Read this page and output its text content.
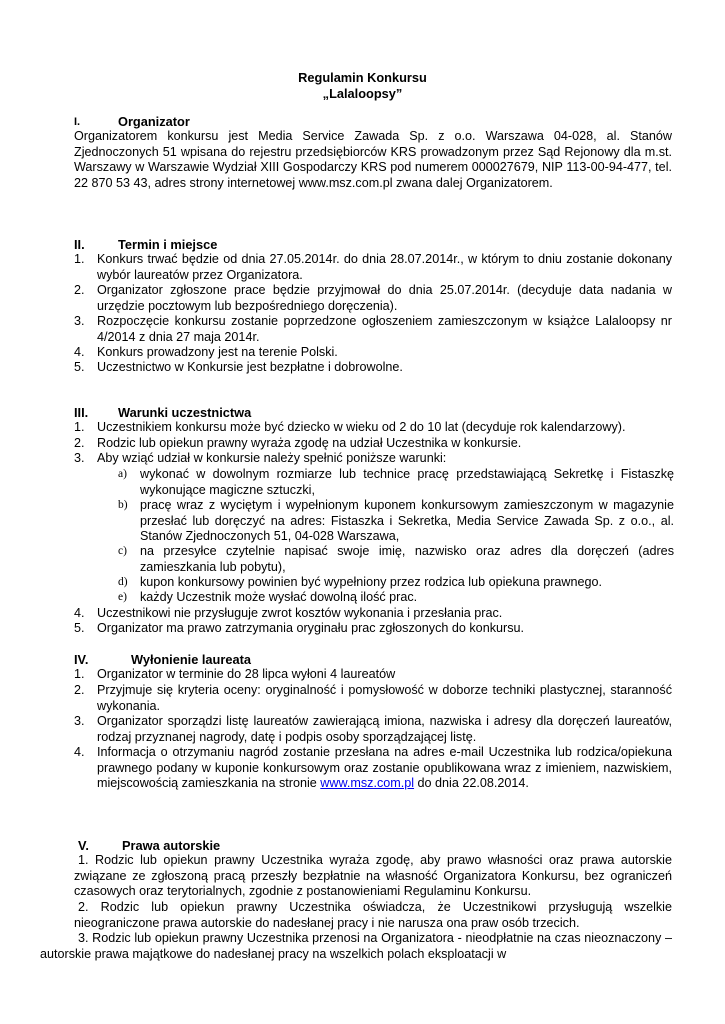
Regulamin Konkursu
„Lalaloopsy”
I.	Organizator
Organizatorem konkursu jest Media Service Zawada Sp. z o.o. Warszawa 04-028, al. Stanów Zjednoczonych 51 wpisana do rejestru przedsiębiorców KRS prowadzonym przez Sąd Rejonowy dla m.st. Warszawy w Warszawie Wydział XIII Gospodarczy KRS pod numerem 000027679, NIP 113-00-94-477, tel. 22 870 53 43, adres strony internetowej www.msz.com.pl zwana dalej Organizatorem.
II.	Termin i miejsce
1. Konkurs trwać będzie od dnia 27.05.2014r. do dnia 28.07.2014r., w którym to dniu zostanie dokonany wybór laureatów przez Organizatora.
2. Organizator zgłoszone prace będzie przyjmował do dnia 25.07.2014r. (decyduje data nadania w urzędzie pocztowym lub bezpośredniego doręczenia).
3. Rozpoczęcie konkursu zostanie poprzedzone ogłoszeniem zamieszczonym w książce Lalaloopsy nr 4/2014 z dnia 27 maja 2014r.
4. Konkurs prowadzony jest na terenie Polski.
5. Uczestnictwo w Konkursie jest bezpłatne i dobrowolne.
III. Warunki uczestnictwa
1. Uczestnikiem konkursu może być dziecko w wieku od 2 do 10 lat (decyduje rok kalendarzowy).
2. Rodzic lub opiekun prawny wyraża zgodę na udział Uczestnika w konkursie.
3. Aby wziąć udział w konkursie należy spełnić poniższe warunki:
a) wykonać w dowolnym rozmiarze lub technice pracę przedstawiającą Sekretkę i Fistaszkę wykonujące magiczne sztuczki,
b) pracę wraz z wyciętym i wypełnionym kuponem konkursowym zamieszczonym w magazynie przesłać lub doręczyć na adres: Fistaszka i Sekretka, Media Service Zawada Sp. z o.o., al. Stanów Zjednoczonych 51, 04-028 Warszawa,
c) na przesyłce czytelnie napisać swoje imię, nazwisko oraz adres dla doręczeń (adres zamieszkania lub pobytu),
d) kupon konkursowy powinien być wypełniony przez rodzica lub opiekuna prawnego.
e) każdy Uczestnik może wysłać dowolną ilość prac.
4. Uczestnikowi nie przysługuje zwrot kosztów wykonania i przesłania prac.
5. Organizator ma prawo zatrzymania oryginału prac zgłoszonych do konkursu.
IV.	Wyłonienie laureata
1. Organizator w terminie do 28 lipca wyłoni 4 laureatów
2. Przyjmuje się kryteria oceny: oryginalność i pomysłowość w doborze techniki plastycznej, staranność wykonania.
3. Organizator sporządzi listę laureatów zawierającą imiona, nazwiska i adresy dla doręczeń laureatów, rodzaj przyznanej nagrody, datę i podpis osoby sporządzającej listę.
4. Informacja o otrzymaniu nagród zostanie przesłana na adres e-mail Uczestnika lub rodzica/opiekuna prawnego podany w kuponie konkursowym oraz zostanie opublikowana wraz z imieniem, nazwiskiem, miejscowością zamieszkania na stronie www.msz.com.pl do dnia 22.08.2014.
V.	Prawa autorskie
1. Rodzic lub opiekun prawny Uczestnika wyraża zgodę, aby prawo własności oraz prawa autorskie związane ze zgłoszoną pracą przeszły bezpłatnie na własność Organizatora Konkursu, bez ograniczeń czasowych oraz terytorialnych, zgodnie z postanowieniami Regulaminu Konkursu.
2. Rodzic lub opiekun prawny Uczestnika oświadcza, że Uczestnikowi przysługują wszelkie nieograniczone prawa autorskie do nadesłanej pracy i nie narusza ona praw osób trzecich.
3. Rodzic lub opiekun prawny Uczestnika przenosi na Organizatora - nieodpłatnie na czas nieoznaczony – autorskie prawa majątkowe do nadesłanej pracy na wszelkich polach eksploatacji w
